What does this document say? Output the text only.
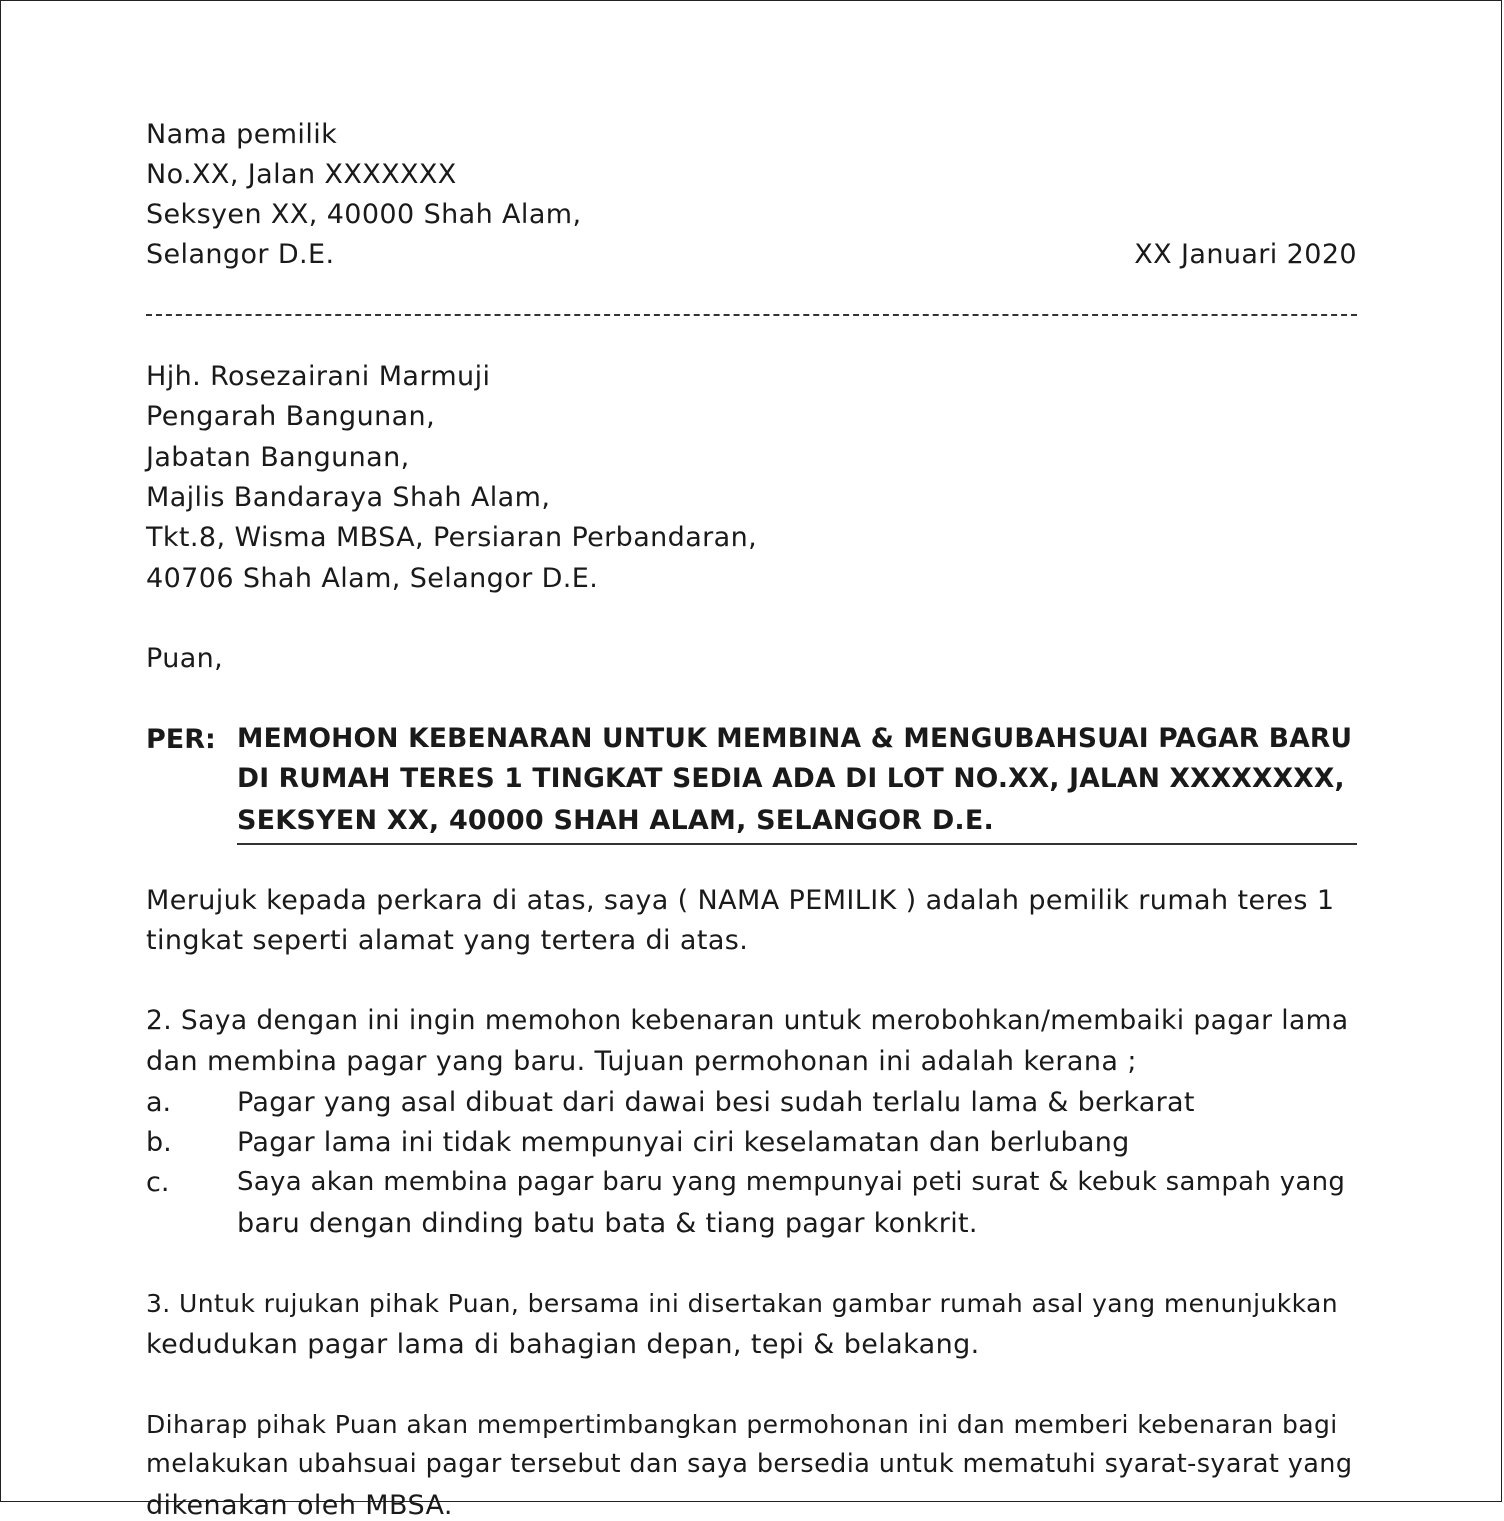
Nama pemilik
No.XX, Jalan XXXXXXX
Seksyen XX, 40000 Shah Alam,
Selangor D.E.	XX Januari 2020
Hjh. Rosezairani Marmuji
Pengarah Bangunan,
Jabatan Bangunan,
Majlis Bandaraya Shah Alam,
Tkt.8, Wisma MBSA, Persiaran Perbandaran,
40706 Shah Alam, Selangor D.E.
Puan,
PER: MEMOHON KEBENARAN UNTUK MEMBINA & MENGUBAHSUAI PAGAR BARU
DI RUMAH TERES 1 TINGKAT SEDIA ADA DI LOT NO.XX, JALAN XXXXXXXX,
SEKSYEN XX, 40000 SHAH ALAM, SELANGOR D.E.
Merujuk kepada perkara di atas, saya ( NAMA PEMILIK ) adalah pemilik rumah teres 1
tingkat seperti alamat yang tertera di atas.
2. Saya dengan ini ingin memohon kebenaran untuk merobohkan/membaiki pagar lama
dan membina pagar yang baru. Tujuan permohonan ini adalah kerana ;
a. Pagar yang asal dibuat dari dawai besi sudah terlalu lama & berkarat
b. Pagar lama ini tidak mempunyai ciri keselamatan dan berlubang
c.	Saya akan membina pagar baru yang mempunyai peti surat & kebuk sampah yang
baru dengan dinding batu bata & tiang pagar konkrit.
3. Untuk rujukan pihak Puan, bersama ini disertakan gambar rumah asal yang menunjukkan
kedudukan pagar lama di bahagian depan, tepi & belakang.
Diharap pihak Puan akan mempertimbangkan permohonan ini dan memberi kebenaran bagi
melakukan ubahsuai pagar tersebut dan saya bersedia untuk mematuhi syarat-syarat yang
dikenakan oleh MBSA.
